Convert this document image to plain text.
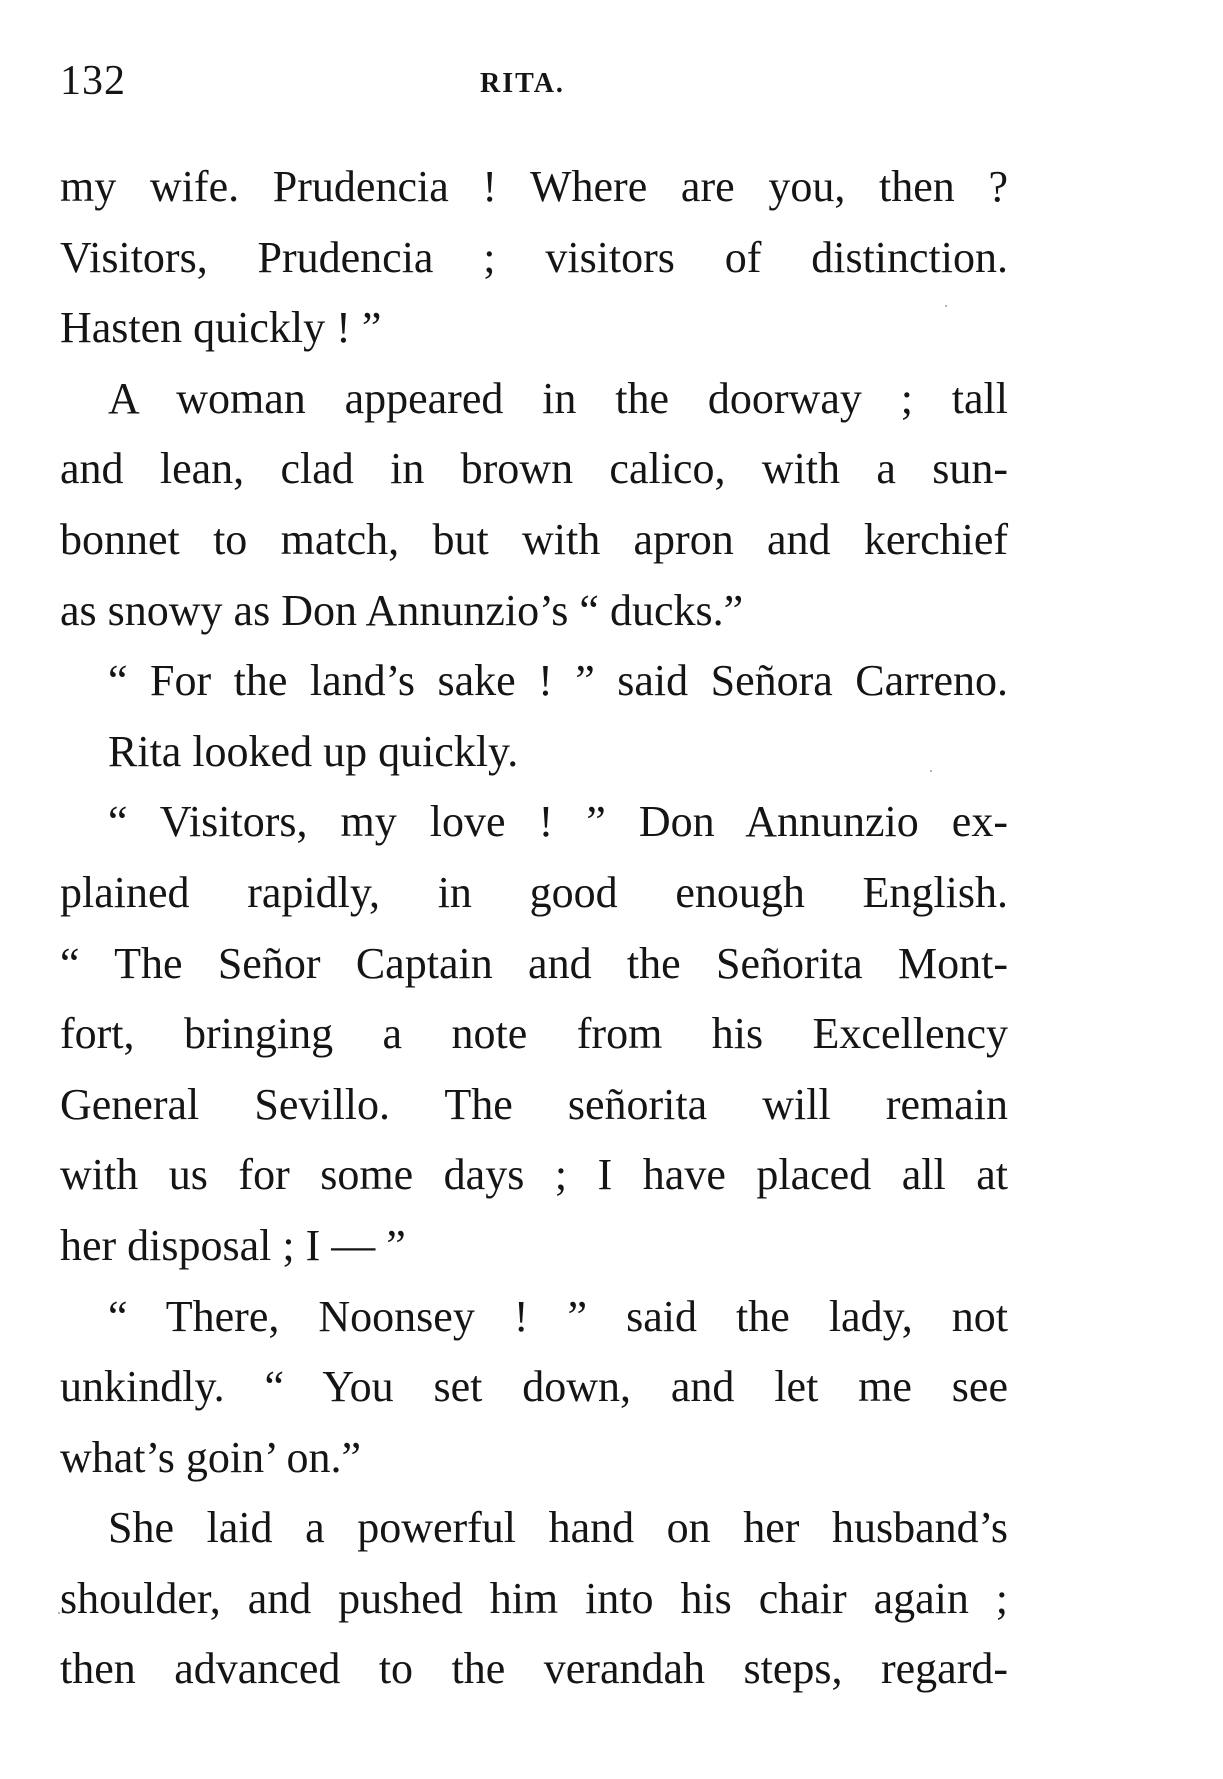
132	RITA.
my wife. Prudencia ! Where are you, then ?
Visitors, Prudencia ; visitors of distinction.
Hasten quickly ! ”
A woman appeared in the doorway ; tall
and lean, clad in brown calico, with a sun-
bonnet to match, but with apron and kerchief
as snowy as Don Annunzio’s “ ducks.”
“ For the land’s sake ! ” said Señora Carreno.
Rita looked up quickly.
“ Visitors, my love ! ” Don Annunzio ex-
plained rapidly, in good enough English.
“ The Señor Captain and the Señorita Mont-
fort, bringing a note from his Excellency
General Sevillo. The señorita will remain
with us for some days ; I have placed all at
her disposal ; I — ”
“ There, Noonsey ! ” said the lady, not
unkindly. “ You set down, and let me see
what’s goin’ on.”
She laid a powerful hand on her husband’s
shoulder, and pushed him into his chair again ;
then advanced to the verandah steps, regard-
